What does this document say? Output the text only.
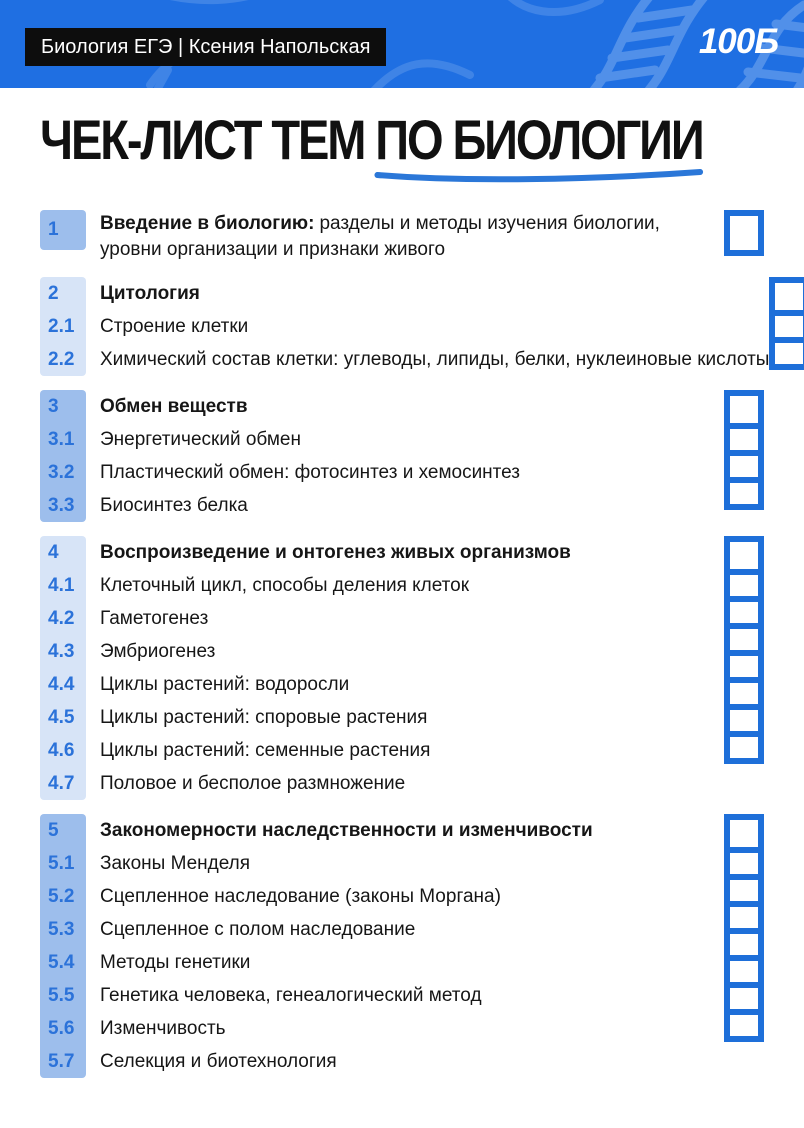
Биология ЕГЭ | Ксения Напольская	100Б
ЧЕК-ЛИСТ ТЕМ ПО БИОЛОГИИ
1	Введение в биологию: разделы и методы изучения биологии, уровни организации и признаки живого
2
2.1
2.2
Цитология
Строение клетки
Химический состав клетки: углеводы, липиды, белки, нуклеиновые кислоты
3
3.1
3.2
3.3
Обмен веществ
Энергетический обмен
Пластический обмен: фотосинтез и хемосинтез
Биосинтез белка
4
4.1
4.2
4.3
4.4
4.5
4.6
4.7
Воспроизведение и онтогенез живых организмов
Клеточный цикл, способы деления клеток
Гаметогенез
Эмбриогенез
Циклы растений: водоросли
Циклы растений: споровые растения
Циклы растений: семенные растения
Половое и бесполое размножение
5
5.1
5.2
5.3
5.4
5.5
5.6
5.7
Закономерности наследственности и изменчивости
Законы Менделя
Сцепленное наследование (законы Моргана)
Сцепленное с полом наследование
Методы генетики
Генетика человека, генеалогический метод
Изменчивость
Селекция и биотехнология
